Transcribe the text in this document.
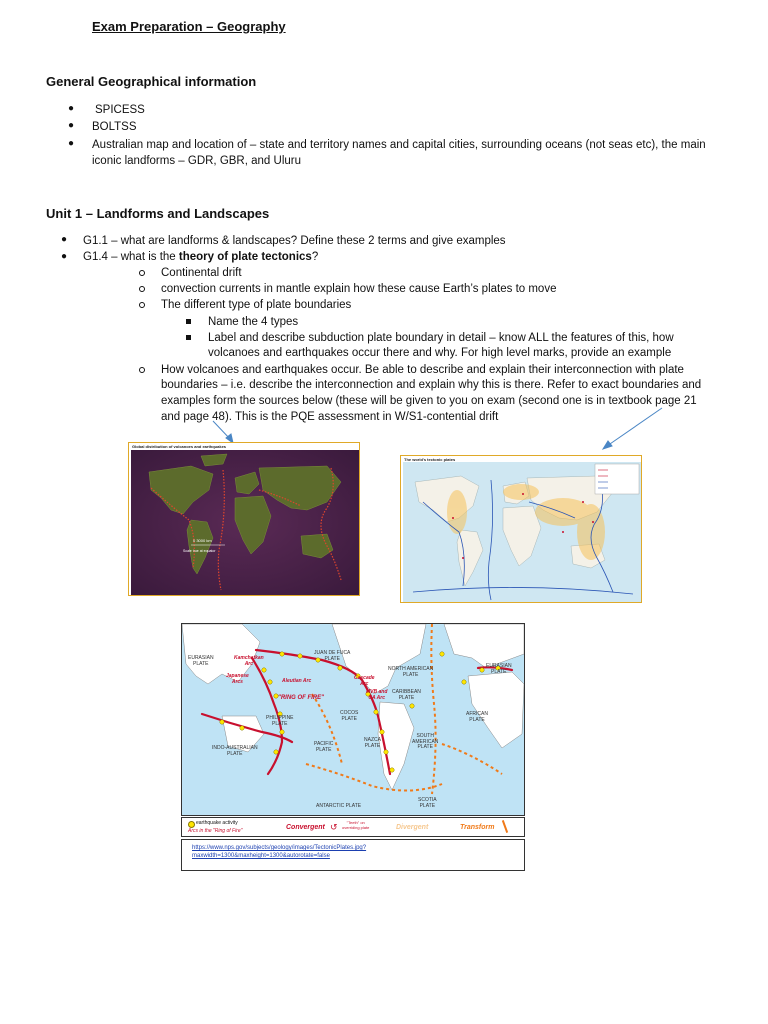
Exam Preparation – Geography
General Geographical information
● SPICESS
● BOLTSS
● Australian map and location of – state and territory names and capital cities, surrounding oceans (not seas etc), the main
iconic landforms – GDR, GBR, and Uluru
Unit 1 – Landforms and Landscapes
● G1.1 – what are landforms & landscapes? Define these 2 terms and give examples
● G1.4 – what is the theory of plate tectonics?
Continental drift
convection currents in mantle explain how these cause Earth’s plates to move
The different type of plate boundaries
Name the 4 types
Label and describe subduction plate boundary in detail – know ALL the features of this, how
volcanoes and earthquakes occur there and why. For high level marks, provide an example
How volcanoes and earthquakes occur. Be able to describe and explain their interconnection with plate
boundaries – i.e. describe the interconnection and explain why this is there. Refer to exact boundaries and
examples form the sources below (these will be given to you on exam (second one is in textbook page 21
and page 48). This is the PQE assessment in W/S1-contential drift
Global distribution of volcanoes and earthquakes
0 3000 km
Scale true at equator
The world's tectonic plates
EURASIAN
PLATE
Kamchatkan
Arc
Aleutian Arc
JUAN DE FUCA
PLATE
NORTH AMERICAN
PLATE
EURASIAN
PLATE
Japanese
Arcs
Cascade
Arc
"RING OF FIRE"
CARIBBEAN
PLATE
MVB and
CA Arc
PHILIPPINE
PLATE
COCOS
PLATE
AFRICAN
PLATE
PACIFIC
PLATE
NAZCA
PLATE
SOUTH
AMERICAN
PLATE
INDO-AUSTRALIAN
PLATE
ANTARCTIC PLATE
SCOTIA
PLATE
earthquake activity
Arcs in the "Ring of Fire"	Convergent ↺	"Teeth" on
overriding plate	Divergent	Transform
https://www.nps.gov/subjects/geology/images/TectonicPlates.jpg?
maxwidth=1300&maxheight=1300&autorotate=false
